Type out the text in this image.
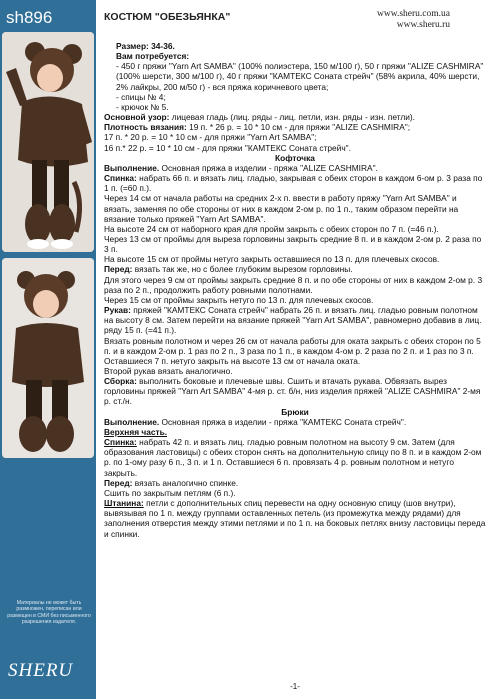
sh896
Материалы не может быть размножен, переписан или размещен в СМИ без письменного разрешения издателя.
SHERU
КОСТЮМ "ОБЕЗЬЯНКА"	www.sheru.com.ua
www.sheru.ru

Размер: 34-36.

Вам потребуется:

- 450 г пряжи "Yarn Art SAMBA" (100% полиэстера, 150 м/100 г), 50 г пряжи "ALIZE CASHMIRA" (100% шерсти, 300 м/100 г), 40 г пряжи "КАМТЕКС Соната стрейч" (58% акрила, 40% шерсти, 2% лайкры, 200 м/50 г) - вся пряжа коричневого цвета;

- спицы № 4;

- крючок № 5.

Основной узор: лицевая гладь (лиц. ряды - лиц. петли, изн. ряды - изн. петли).

Плотность вязания: 19 п. * 26 р. = 10 * 10 см - для пряжи "ALIZE CASHMIRA";

17 п. * 20 р. = 10 * 10 см - для пряжи "Yarn Art SAMBA";

16 п.* 22 р. = 10 * 10 см - для пряжи "КАМТЕКС Соната стрейч".

Кофточка

Выполнение. Основная пряжа в изделии - пряжа "ALIZE CASHMIRA".

Спинка: набрать 66 п. и вязать лиц. гладью, закрывая с обеих сторон в каждом 6-ом р. 3 раза по 1 п. (=60 п.).

Через 14 см от начала работы на средних 2-х п. ввести в работу пряжу "Yarn Art SAMBA" и вязать, заменяя по обе стороны от них в каждом 2-ом р. по 1 п., таким образом перейти на вязание только пряжей "Yarn Art SAMBA".

На высоте 24 см от наборного края для пройм закрыть с обеих сторон по 7 п. (=46 п.).

Через 13 см от проймы для выреза горловины закрыть средние 8 п. и в каждом 2-ом р. 2 раза по 3 п.

На высоте 15 см от проймы нетугo закрыть оставшиеся по 13 п. для плечевых скосов.

Перед: вязать так же, но с более глубоким вырезом горловины.

Для этого через 9 см от проймы закрыть средние 8 п. и по обе стороны от них в каждом 2-ом р. 3 раза по 2 п., продолжить работу ровными полотнами.

Через 15 см от проймы закрыть нетугo по 13 п. для плечевых скосов.

Рукав: пряжей "КАМТЕКС Соната стрейч" набрать 26 п. и вязать лиц. гладью ровным полотном на высоту 8 см. Затем перейти на вязание пряжей "Yarn Art SAMBA", равномерно добавив в лиц. ряду 15 п. (=41 п.).

Вязать ровным полотном и через 26 см от начала работы для оката закрыть с обеих сторон по 5 п. и в каждом 2-ом р. 1 раз по 2 п., 3 раза по 1 п., в каждом 4-ом р. 2 раза по 2 п. и 1 раз по 3 п. Оставшиеся 7 п. нетугo закрыть на высоте 13 см от начала оката.

Второй рукав вязать аналогично.

Сборка: выполнить боковые и плечевые швы. Сшить и втачать рукава. Обвязать вырез горловины пряжей "Yarn Art SAMBA" 4-мя р. ст. б/н, низ изделия пряжей "ALIZE CASHMIRA" 2-мя р. ст./н.

Брюки

Выполнение. Основная пряжа в изделии - пряжа "КАМТЕКС Соната стрейч".

Верхняя часть.

Спинка: набрать 42 п. и вязать лиц. гладью ровным полотном на высоту 9 см. Затем (для образования ластовицы) с обеих сторон снять на дополнительную спицу по 8 п. и в каждом 2-ом р. по 1-ому разу 6 п., 3 п. и 1 п. Оставшиеся 6 п. провязать 4 р. ровным полотном и нетугo закрыть.

Перед: вязать аналогично спинке.

Сшить по закрытым петлям (6 п.).

Штанина: петли с дополнительных спиц перевести на одну основную спицу (шов внутри), вывязывая по 1 п. между группами оставленных петель (из промежутка между рядами) для заполнения отверстия между этими петлями и по 1 п. на боковых петлях внизу ластовицы переда и спинки.

-1-
